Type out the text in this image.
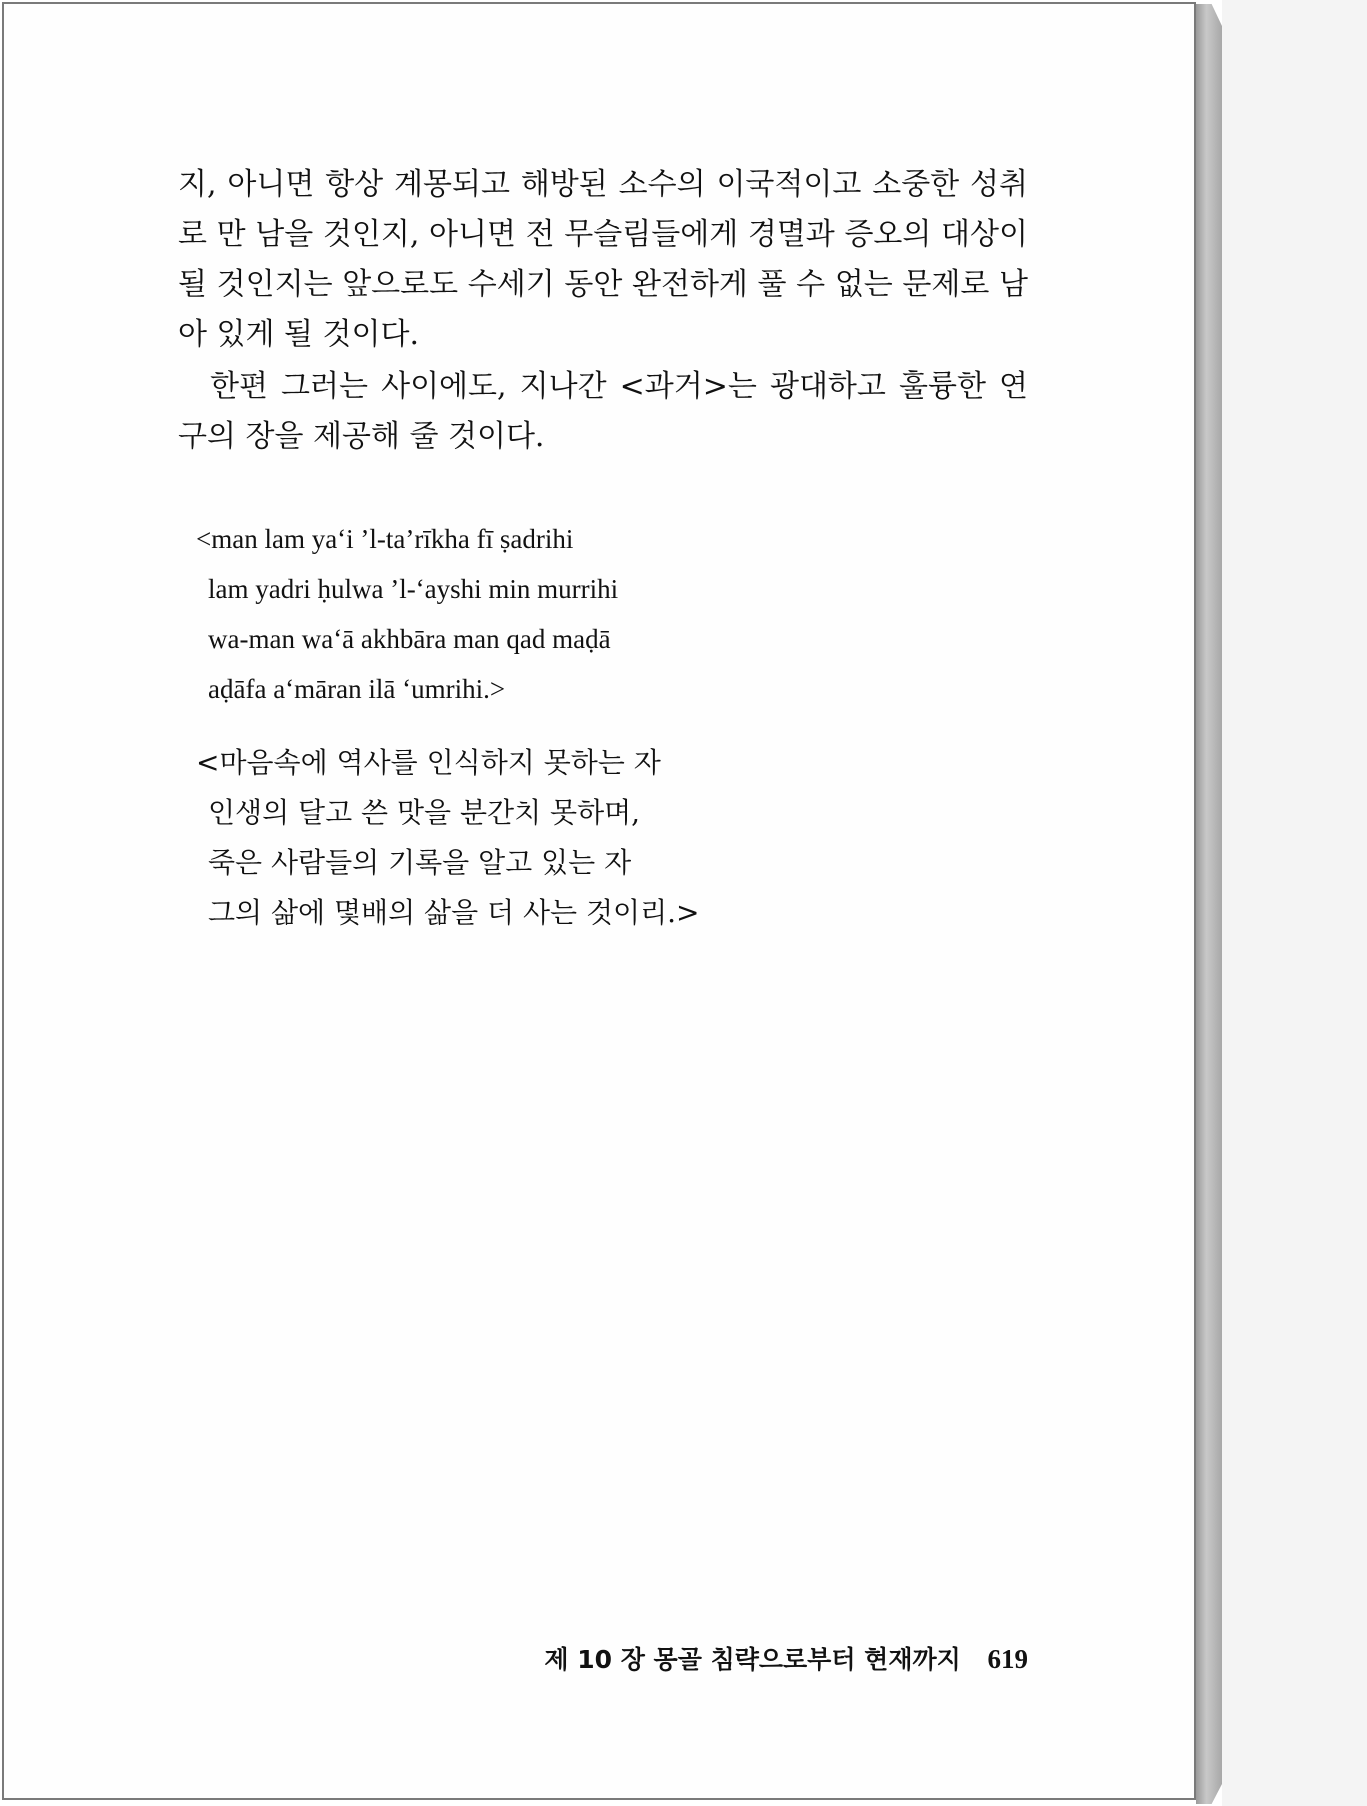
지, 아니면 항상 계몽되고 해방된 소수의 이국적이고 소중한 성취로 만 남을 것인지, 아니면 전 무슬림들에게 경멸과 증오의 대상이 될 것인지는 앞으로도 수세기 동안 완전하게 풀 수 없는 문제로 남아 있게 될 것이다.

한편 그러는 사이에도, 지나간 <과거>는 광대하고 훌륭한 연구의 장을 제공해 줄 것이다.

<man lam ya‘i ’l-ta’rīkha fī ṣadrihi
lam yadri ḥulwa ’l-‘ayshi min murrihi
wa-man wa‘ā akhbāra man qad maḍā
aḍāfa a‘māran ilā ‘umrihi.>
<마음속에 역사를 인식하지 못하는 자
인생의 달고 쓴 맛을 분간치 못하며,
죽은 사람들의 기록을 알고 있는 자
그의 삶에 몇배의 삶을 더 사는 것이리.>
제 10 장 몽골 침략으로부터 현재까지 619
